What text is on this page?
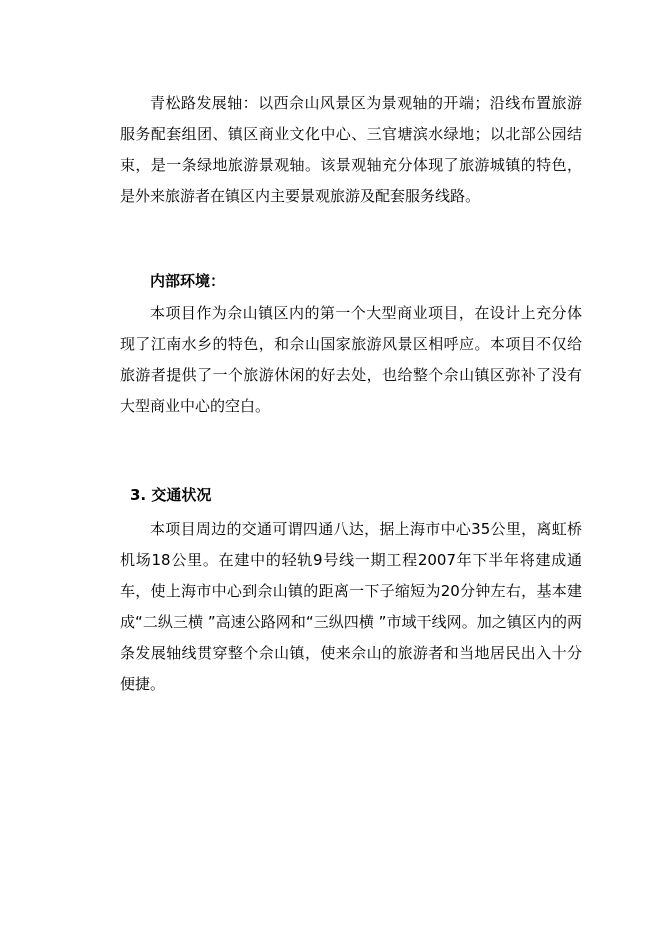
青松路发展轴：以西佘山风景区为景观轴的开端；沿线布置旅游服务配套组团、镇区商业文化中心、三官塘滨水绿地；以北部公园结束，是一条绿地旅游景观轴。该景观轴充分体现了旅游城镇的特色，是外来旅游者在镇区内主要景观旅游及配套服务线路。

内部环境：

本项目作为佘山镇区内的第一个大型商业项目，在设计上充分体现了江南水乡的特色，和佘山国家旅游风景区相呼应。本项目不仅给旅游者提供了一个旅游休闲的好去处，也给整个佘山镇区弥补了没有大型商业中心的空白。

3. 交通状况

本项目周边的交通可谓四通八达，据上海市中心35公里，离虹桥机场18公里。在建中的轻轨9号线一期工程2007年下半年将建成通车，使上海市中心到佘山镇的距离一下子缩短为20分钟左右，基本建成“二纵三横 ”高速公路网和“三纵四横 ”市域干线网。加之镇区内的两条发展轴线贯穿整个佘山镇，使来佘山的旅游者和当地居民出入十分便捷。
